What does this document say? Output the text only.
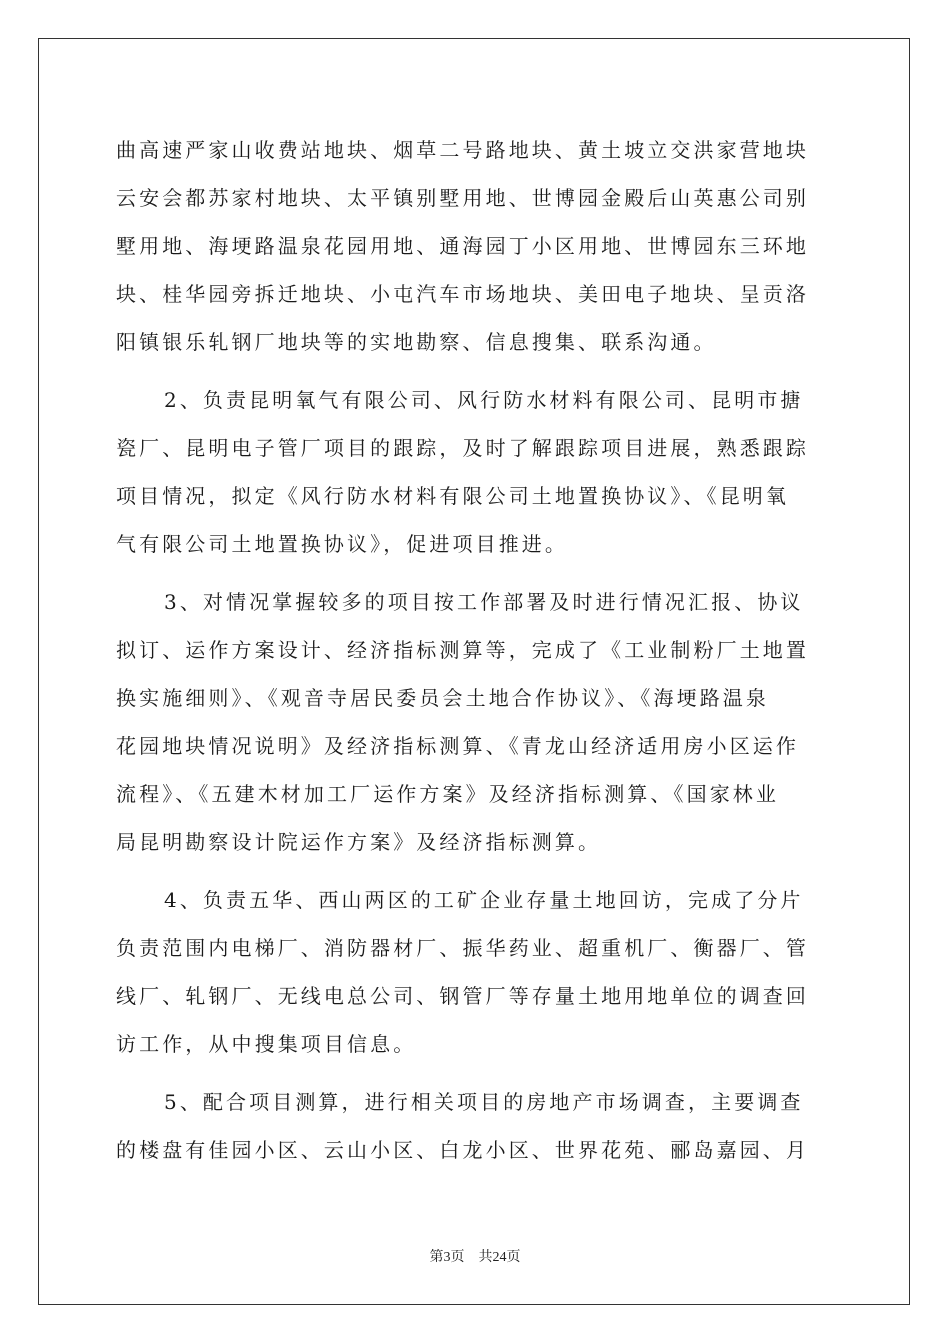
曲高速严家山收费站地块、烟草二号路地块、黄土坡立交洪家营地块
云安会都苏家村地块、太平镇别墅用地、世博园金殿后山英惠公司别
墅用地、海埂路温泉花园用地、通海园丁小区用地、世博园东三环地
块、桂华园旁拆迁地块、小屯汽车市场地块、美田电子地块、呈贡洛
阳镇银乐轧钢厂地块等的实地勘察、信息搜集、联系沟通。
2、负责昆明氧气有限公司、风行防水材料有限公司、昆明市搪
瓷厂、昆明电子管厂项目的跟踪，及时了解跟踪项目进展，熟悉跟踪
项目情况，拟定《风行防水材料有限公司土地置换协议》、《昆明氧
气有限公司土地置换协议》，促进项目推进。
3、对情况掌握较多的项目按工作部署及时进行情况汇报、协议
拟订、运作方案设计、经济指标测算等，完成了《工业制粉厂土地置
换实施细则》、《观音寺居民委员会土地合作协议》、《海埂路温泉
花园地块情况说明》及经济指标测算、《青龙山经济适用房小区运作
流程》、《五建木材加工厂运作方案》及经济指标测算、《国家林业
局昆明勘察设计院运作方案》及经济指标测算。
4、负责五华、西山两区的工矿企业存量土地回访，完成了分片
负责范围内电梯厂、消防器材厂、振华药业、超重机厂、衡器厂、管
线厂、轧钢厂、无线电总公司、钢管厂等存量土地用地单位的调查回
访工作，从中搜集项目信息。
5、配合项目测算，进行相关项目的房地产市场调查，主要调查
的楼盘有佳园小区、云山小区、白龙小区、世界花苑、郦岛嘉园、月
第3页 共24页
